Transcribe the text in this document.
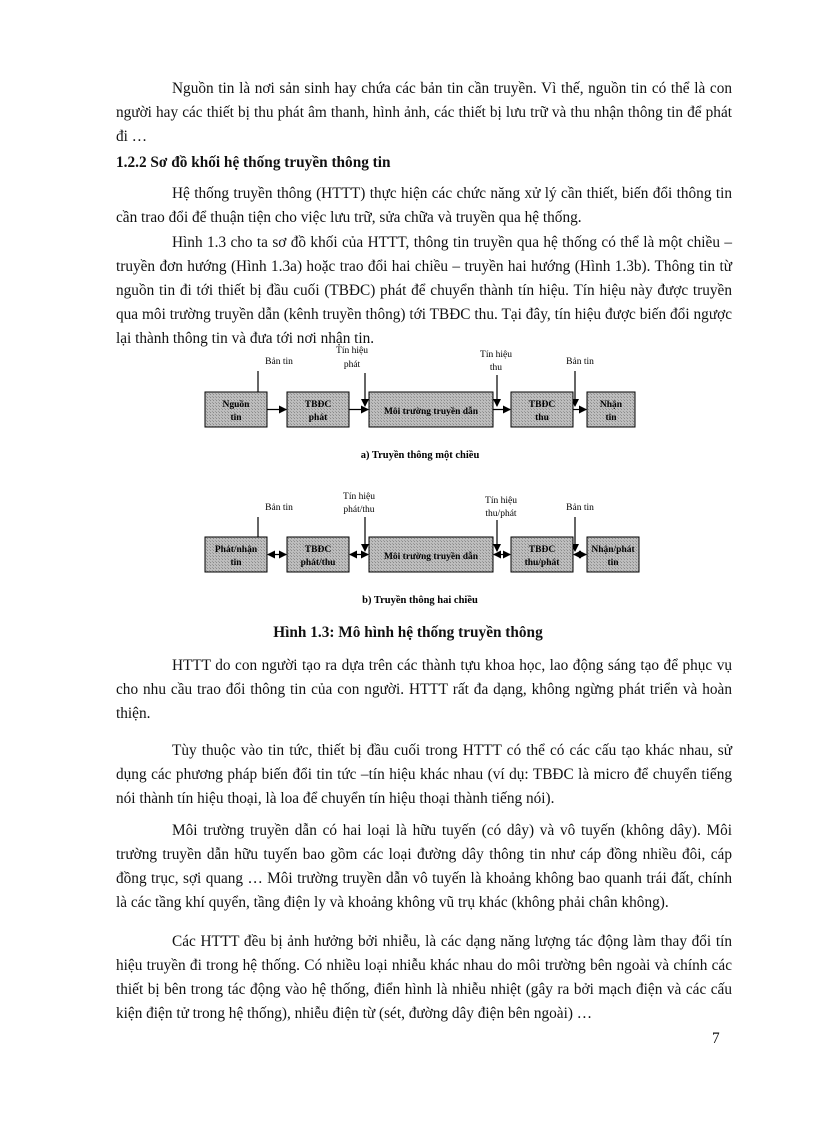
Nguồn tin là nơi sản sinh hay chứa các bản tin cần truyền. Vì thế, nguồn tin có thể là con người hay các thiết bị thu phát âm thanh, hình ảnh, các thiết bị lưu trữ và thu nhận thông tin để phát đi …

1.2.2 Sơ đồ khối hệ thống truyền thông tin

Hệ thống truyền thông (HTTT) thực hiện các chức năng xử lý cần thiết, biến đổi thông tin cần trao đổi để thuận tiện cho việc lưu trữ, sửa chữa và truyền qua hệ thống.

Hình 1.3 cho ta sơ đồ khối của HTTT, thông tin truyền qua hệ thống có thể là một chiều – truyền đơn hướng (Hình 1.3a) hoặc trao đổi hai chiều – truyền hai hướng (Hình 1.3b). Thông tin từ nguồn tin đi tới thiết bị đầu cuối (TBĐC) phát để chuyển thành tín hiệu. Tín hiệu này được truyền qua môi trường truyền dẫn (kênh truyền thông) tới TBĐC thu. Tại đây, tín hiệu được biến đổi ngược lại thành thông tin và đưa tới nơi nhận tin.

Bản tin
Tín hiệu
phát
Tín hiệu
thu
Bản tin
Nguồn
tin
TBĐC
phát
Môi trường truyền dẫn
TBĐC
thu
Nhận
tin
a) Truyền thông một chiều
Bản tin
Tín hiệu
phát/thu
Tín hiệu
thu/phát
Bản tin
Phát/nhận
tin
TBĐC
phát/thu
Môi trường truyền dẫn
TBĐC
thu/phát
Nhận/phát
tin
b) Truyền thông hai chiều

Hình 1.3: Mô hình hệ thống truyền thông

HTTT do con người tạo ra dựa trên các thành tựu khoa học, lao động sáng tạo để phục vụ cho nhu cầu trao đổi thông tin của con người. HTTT rất đa dạng, không ngừng phát triển và hoàn thiện.

Tùy thuộc vào tin tức, thiết bị đầu cuối trong HTTT có thể có các cấu tạo khác nhau, sử dụng các phương pháp biến đổi tin tức –tín hiệu khác nhau (ví dụ: TBĐC là micro để chuyển tiếng nói thành tín hiệu thoại, là loa để chuyển tín hiệu thoại thành tiếng nói).

Môi trường truyền dẫn có hai loại là hữu tuyến (có dây) và vô tuyến (không dây). Môi trường truyền dẫn hữu tuyến bao gồm các loại đường dây thông tin như cáp đồng nhiều đôi, cáp đồng trục, sợi quang … Môi trường truyền dẫn vô tuyến là khoảng không bao quanh trái đất, chính là các tầng khí quyển, tầng điện ly và khoảng không vũ trụ khác (không phải chân không).

Các HTTT đều bị ảnh hưởng bởi nhiễu, là các dạng năng lượng tác động làm thay đổi tín hiệu truyền đi trong hệ thống. Có nhiều loại nhiễu khác nhau do môi trường bên ngoài và chính các thiết bị bên trong tác động vào hệ thống, điển hình là nhiễu nhiệt (gây ra bởi mạch điện và các cấu kiện điện tử trong hệ thống), nhiễu điện từ (sét, đường dây điện bên ngoài) …

7
